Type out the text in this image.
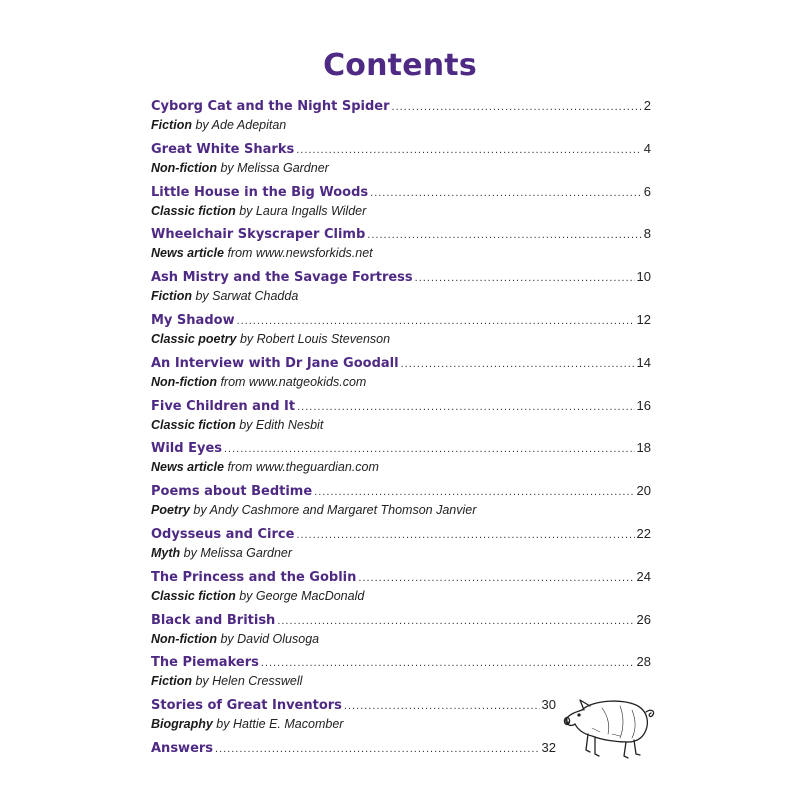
Contents
Cyborg Cat and the Night Spider .....	2
Fiction by Ade Adepitan
Great White Sharks .....	4
Non-fiction by Melissa Gardner
Little House in the Big Woods .....	6
Classic fiction by Laura Ingalls Wilder
Wheelchair Skyscraper Climb .....	8
News article from www.newsforkids.net
Ash Mistry and the Savage Fortress .....	10
Fiction by Sarwat Chadda
My Shadow .....	12
Classic poetry by Robert Louis Stevenson
An Interview with Dr Jane Goodall .....	14
Non-fiction from www.natgeokids.com
Five Children and It .....	16
Classic fiction by Edith Nesbit
Wild Eyes .....	18
News article from www.theguardian.com
Poems about Bedtime .....	20
Poetry by Andy Cashmore and Margaret Thomson Janvier
Odysseus and Circe .....	22
Myth by Melissa Gardner
The Princess and the Goblin .....	24
Classic fiction by George MacDonald
Black and British .....	26
Non-fiction by David Olusoga
The Piemakers .....	28
Fiction by Helen Cresswell
Stories of Great Inventors .....	30
Biography by Hattie E. Macomber
Answers .....	32
